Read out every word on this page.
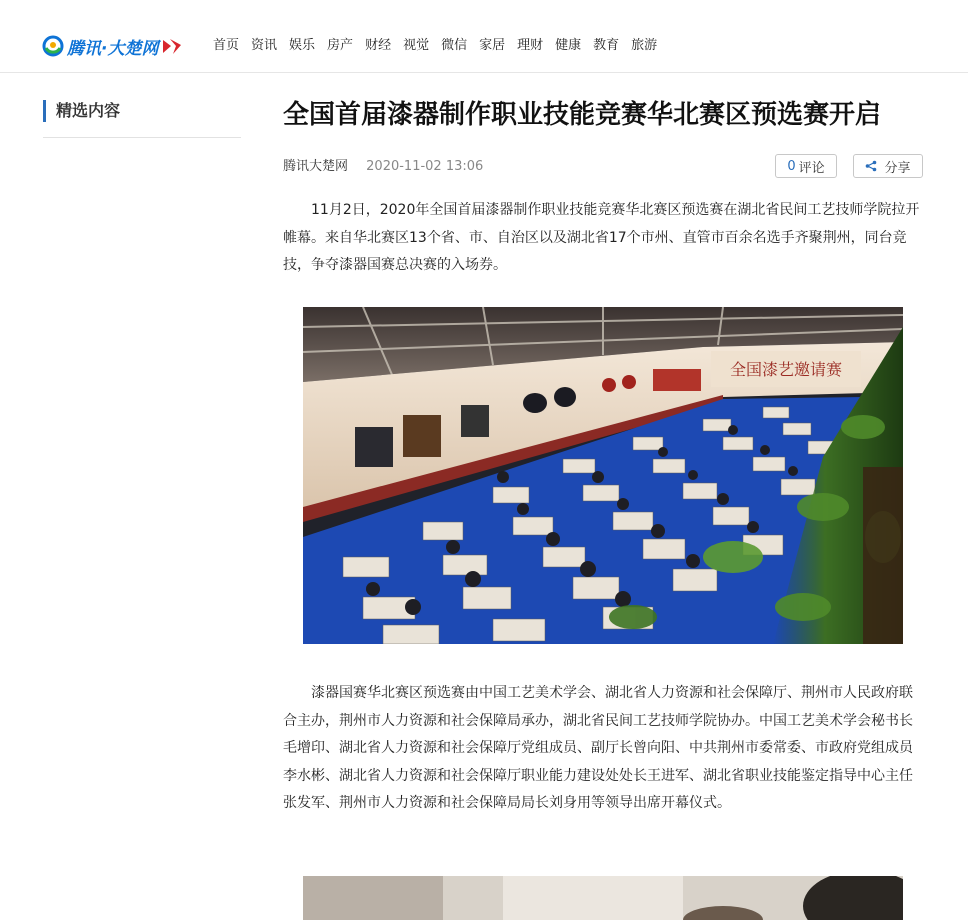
腾讯·大楚网	首页 资讯 娱乐 房产 财经 视觉 微信 家居 理财 健康 教育 旅游
精选内容	全国首届漆器制作职业技能竞赛华北赛区预选赛开启
腾讯大楚网 2020-11-02 13:06	0 评论	分享

11月2日，2020年全国首届漆器制作职业技能竞赛华北赛区预选赛在湖北省民间工艺技师学院拉开帷幕。来自华北赛区13个省、市、自治区以及湖北省17个市州、直管市百余名选手齐聚荆州，同台竞技，争夺漆器国赛总决赛的入场券。

全国漆艺邀请赛

漆器国赛华北赛区预选赛由中国工艺美术学会、湖北省人力资源和社会保障厅、荆州市人民政府联合主办，荆州市人力资源和社会保障局承办，湖北省民间工艺技师学院协办。中国工艺美术学会秘书长毛增印、湖北省人力资源和社会保障厅党组成员、副厅长曾向阳、中共荆州市委常委、市政府党组成员李水彬、湖北省人力资源和社会保障厅职业能力建设处处长王进军、湖北省职业技能鉴定指导中心主任张发军、荆州市人力资源和社会保障局局长刘身用等领导出席开幕仪式。
